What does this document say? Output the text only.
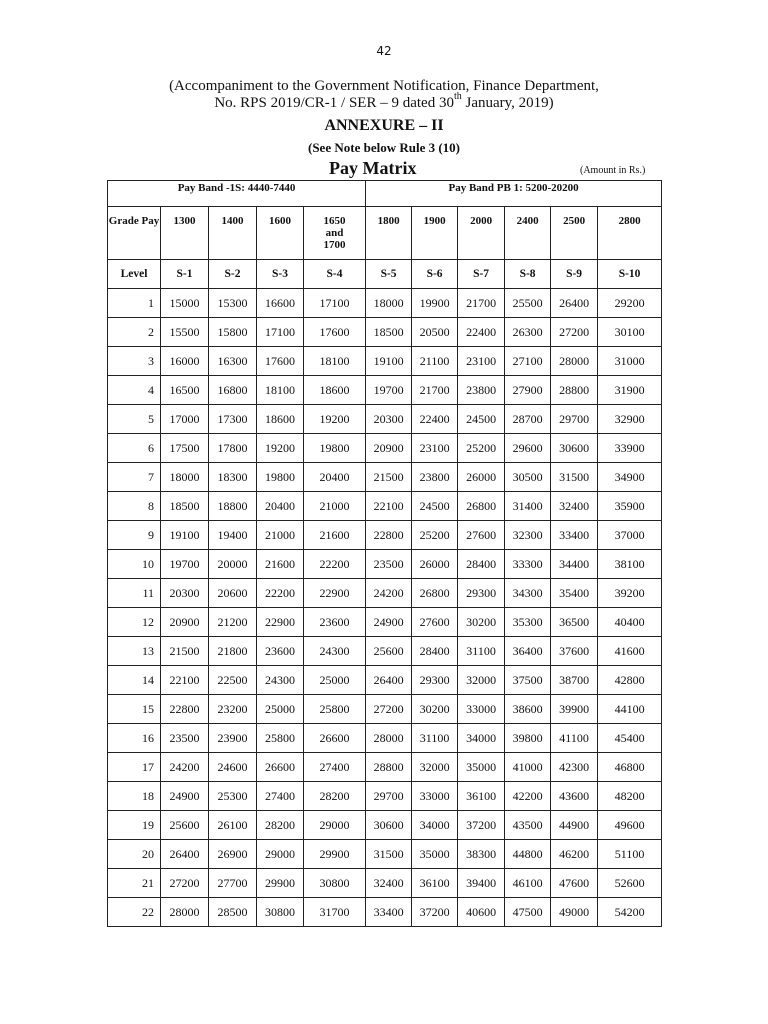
42
(Accompaniment to the Government Notification, Finance Department,
No. RPS 2019/CR-1 / SER – 9 dated 30th January, 2019)
ANNEXURE – II
(See Note below Rule 3 (10)
Pay Matrix	(Amount in Rs.)
Pay Band -1S: 4440-7440					Pay Band PB 1: 5200-20200					
Grade Pay	1300	1400	1600	1650 and 1700	1800	1900	2000	2400	2500	2800
Level	S-1	S-2	S-3	S-4	S-5	S-6	S-7	S-8	S-9	S-10
1	15000	15300	16600	17100	18000	19900	21700	25500	26400	29200
2	15500	15800	17100	17600	18500	20500	22400	26300	27200	30100
3	16000	16300	17600	18100	19100	21100	23100	27100	28000	31000
4	16500	16800	18100	18600	19700	21700	23800	27900	28800	31900
5	17000	17300	18600	19200	20300	22400	24500	28700	29700	32900
6	17500	17800	19200	19800	20900	23100	25200	29600	30600	33900
7	18000	18300	19800	20400	21500	23800	26000	30500	31500	34900
8	18500	18800	20400	21000	22100	24500	26800	31400	32400	35900
9	19100	19400	21000	21600	22800	25200	27600	32300	33400	37000
10	19700	20000	21600	22200	23500	26000	28400	33300	34400	38100
11	20300	20600	22200	22900	24200	26800	29300	34300	35400	39200
12	20900	21200	22900	23600	24900	27600	30200	35300	36500	40400
13	21500	21800	23600	24300	25600	28400	31100	36400	37600	41600
14	22100	22500	24300	25000	26400	29300	32000	37500	38700	42800
15	22800	23200	25000	25800	27200	30200	33000	38600	39900	44100
16	23500	23900	25800	26600	28000	31100	34000	39800	41100	45400
17	24200	24600	26600	27400	28800	32000	35000	41000	42300	46800
18	24900	25300	27400	28200	29700	33000	36100	42200	43600	48200
19	25600	26100	28200	29000	30600	34000	37200	43500	44900	49600
20	26400	26900	29000	29900	31500	35000	38300	44800	46200	51100
21	27200	27700	29900	30800	32400	36100	39400	46100	47600	52600
22	28000	28500	30800	31700	33400	37200	40600	47500	49000	54200
